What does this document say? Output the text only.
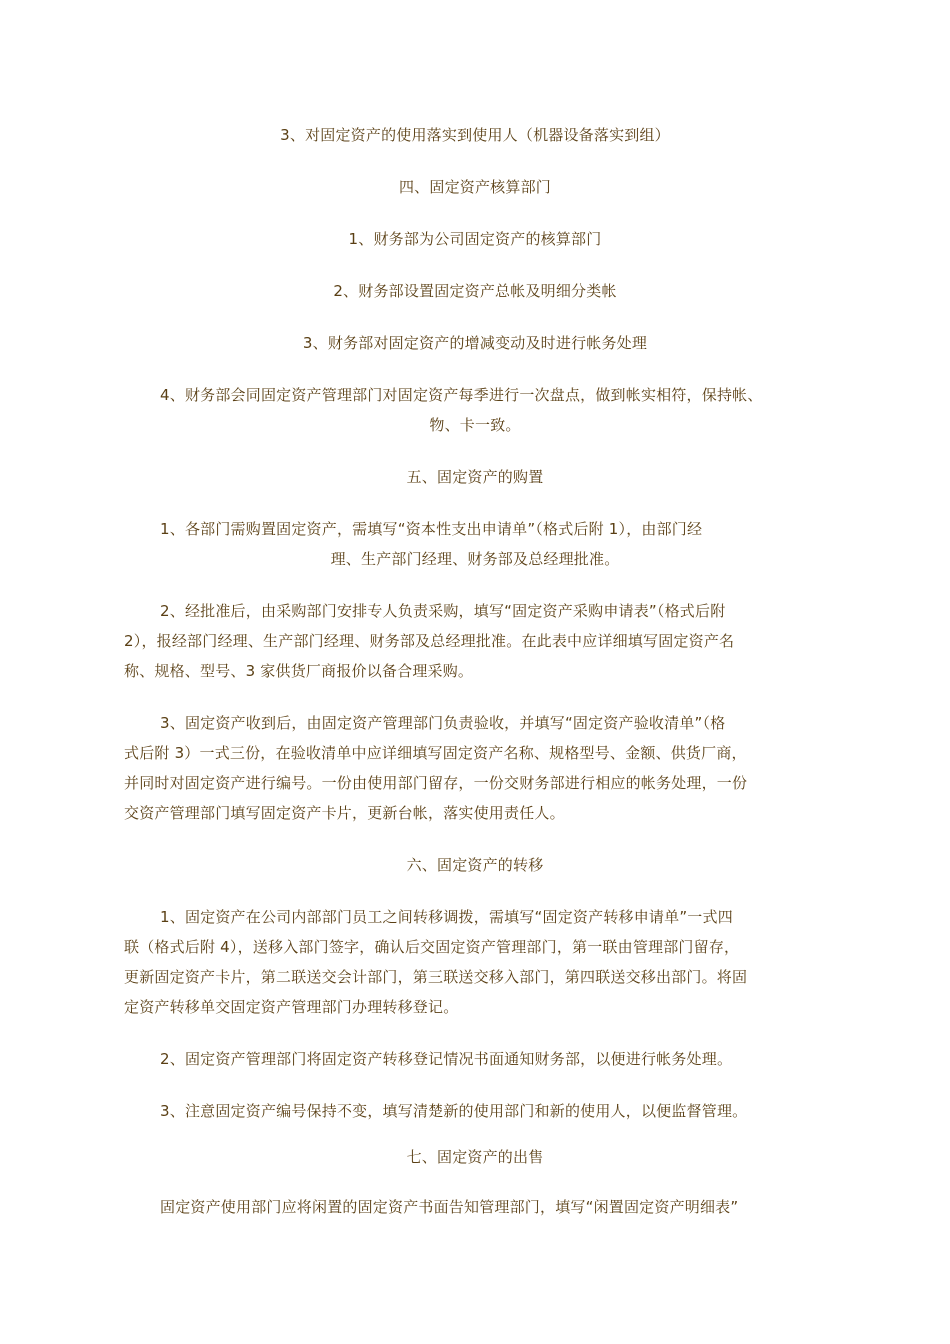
3、对固定资产的使用落实到使用人（机器设备落实到组）
四、固定资产核算部门
1、财务部为公司固定资产的核算部门
2、财务部设置固定资产总帐及明细分类帐
3、财务部对固定资产的增减变动及时进行帐务处理
4、财务部会同固定资产管理部门对固定资产每季进行一次盘点，做到帐实相符，保持帐、
物、卡一致。
五、固定资产的购置
1、各部门需购置固定资产，需填写“资本性支出申请单”（格式后附 1），由部门经
理、生产部门经理、财务部及总经理批准。
2、经批准后，由采购部门安排专人负责采购，填写“固定资产采购申请表”（格式后附
2），报经部门经理、生产部门经理、财务部及总经理批准。在此表中应详细填写固定资产名
称、规格、型号、3 家供货厂商报价以备合理采购。
3、固定资产收到后，由固定资产管理部门负责验收，并填写“固定资产验收清单”（格
式后附 3）一式三份，在验收清单中应详细填写固定资产名称、规格型号、金额、供货厂商，
并同时对固定资产进行编号。一份由使用部门留存，一份交财务部进行相应的帐务处理，一份
交资产管理部门填写固定资产卡片，更新台帐，落实使用责任人。
六、固定资产的转移
1、固定资产在公司内部部门员工之间转移调拨，需填写“固定资产转移申请单”一式四
联（格式后附 4），送移入部门签字，确认后交固定资产管理部门，第一联由管理部门留存，
更新固定资产卡片，第二联送交会计部门，第三联送交移入部门，第四联送交移出部门。将固
定资产转移单交固定资产管理部门办理转移登记。
2、固定资产管理部门将固定资产转移登记情况书面通知财务部，以便进行帐务处理。
3、注意固定资产编号保持不变，填写清楚新的使用部门和新的使用人，以便监督管理。
七、固定资产的出售
固定资产使用部门应将闲置的固定资产书面告知管理部门，填写“闲置固定资产明细表”
